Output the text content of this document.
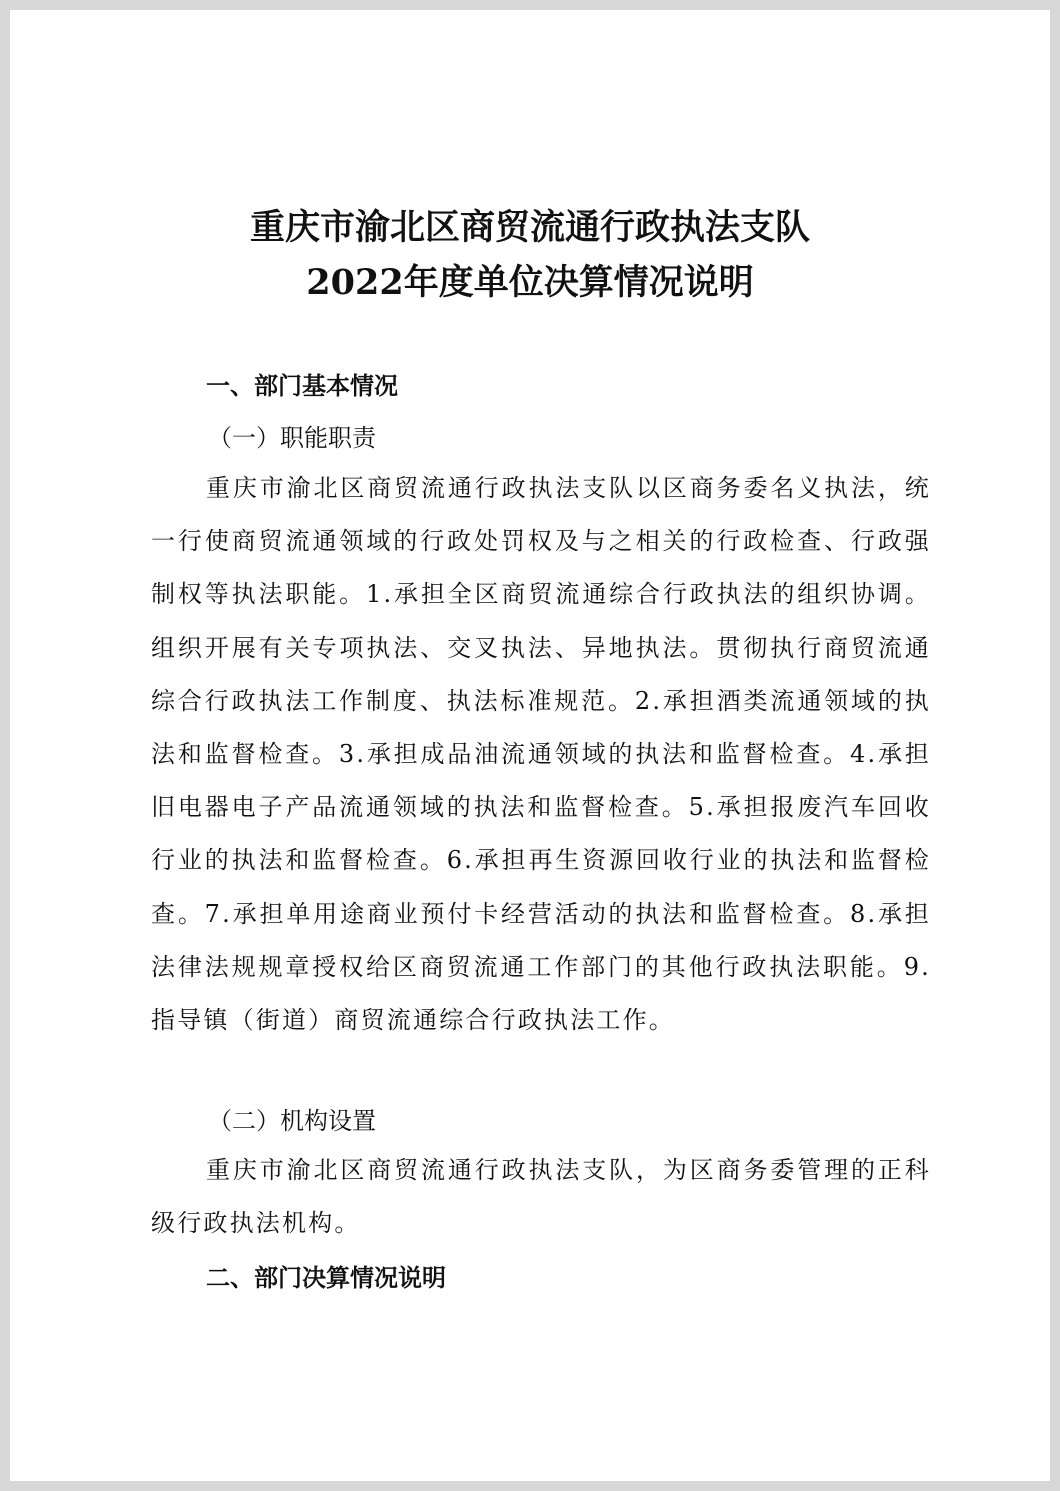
重庆市渝北区商贸流通行政执法支队
2022年度单位决算情况说明
一、部门基本情况
（一）职能职责
重庆市渝北区商贸流通行政执法支队以区商务委名义执法，统一行使商贸流通领域的行政处罚权及与之相关的行政检查、行政强制权等执法职能。1.承担全区商贸流通综合行政执法的组织协调。组织开展有关专项执法、交叉执法、异地执法。贯彻执行商贸流通综合行政执法工作制度、执法标准规范。2.承担酒类流通领域的执法和监督检查。3.承担成品油流通领域的执法和监督检查。4.承担旧电器电子产品流通领域的执法和监督检查。5.承担报废汽车回收行业的执法和监督检查。6.承担再生资源回收行业的执法和监督检查。7.承担单用途商业预付卡经营活动的执法和监督检查。8.承担法律法规规章授权给区商贸流通工作部门的其他行政执法职能。9.指导镇（街道）商贸流通综合行政执法工作。
（二）机构设置
重庆市渝北区商贸流通行政执法支队，为区商务委管理的正科级行政执法机构。
二、部门决算情况说明
